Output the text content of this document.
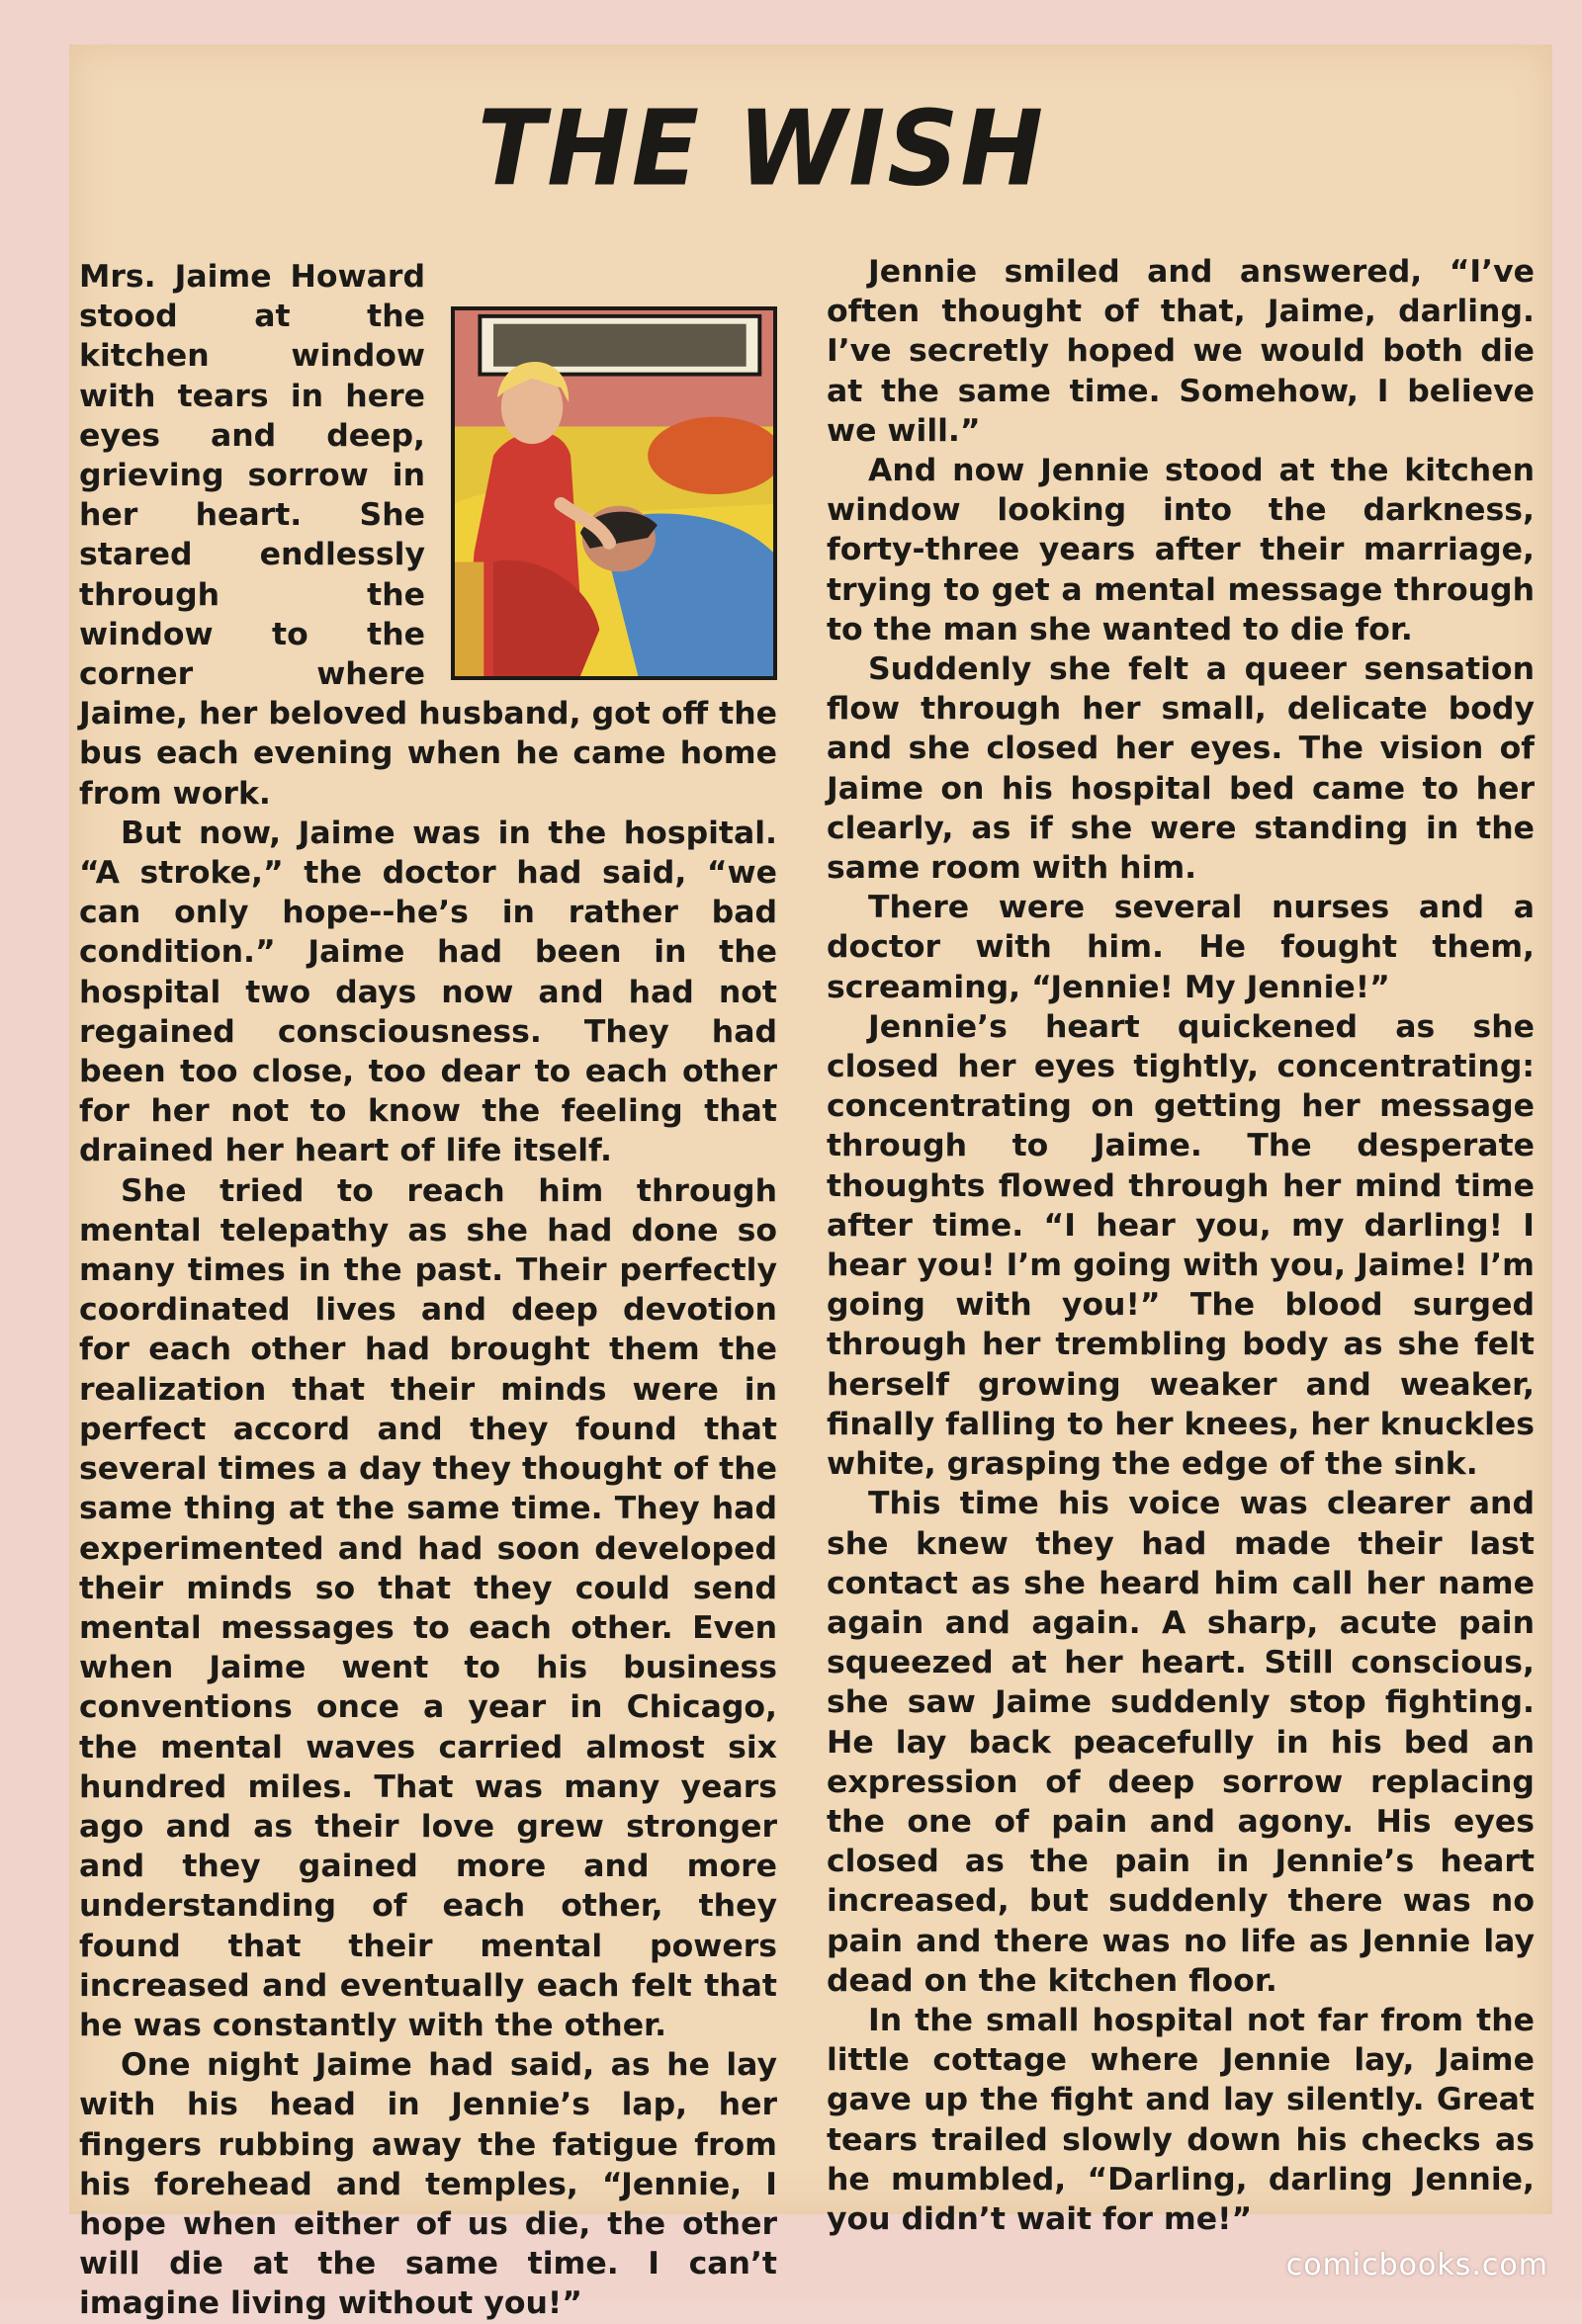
THE WISH

Mrs. Jaime Howard stood at the kitchen window with tears in here eyes and deep, grieving sorrow in her heart. She stared endlessly through the window to the corner where Jaime, her beloved husband, got off the bus each evening when he came home from work.

But now, Jaime was in the hospital. “A stroke,” the doctor had said, “we can only hope--he’s in rather bad condition.” Jaime had been in the hospital two days now and had not regained consciousness. They had been too close, too dear to each other for her not to know the feeling that drained her heart of life itself.

She tried to reach him through mental telepathy as she had done so many times in the past. Their perfectly coordinated lives and deep devotion for each other had brought them the realization that their minds were in perfect accord and they found that several times a day they thought of the same thing at the same time. They had experimented and had soon developed their minds so that they could send mental messages to each other. Even when Jaime went to his business conventions once a year in Chicago, the mental waves carried almost six hundred miles. That was many years ago and as their love grew stronger and they gained more and more understanding of each other, they found that their mental powers increased and eventually each felt that he was constantly with the other.

One night Jaime had said, as he lay with his head in Jennie’s lap, her fingers rubbing away the fatigue from his forehead and temples, “Jennie, I hope when either of us die, the other will die at the same time. I can’t imagine living without you!”

Jennie smiled and answered, “I’ve often thought of that, Jaime, darling. I’ve secretly hoped we would both die at the same time. Somehow, I believe we will.”

And now Jennie stood at the kitchen window looking into the darkness, forty-three years after their marriage, trying to get a mental message through to the man she wanted to die for.

Suddenly she felt a queer sensation flow through her small, delicate body and she closed her eyes. The vision of Jaime on his hospital bed came to her clearly, as if she were standing in the same room with him.

There were several nurses and a doctor with him. He fought them, screaming, “Jennie! My Jennie!”

Jennie’s heart quickened as she closed her eyes tightly, concentrating: concentrating on getting her message through to Jaime. The desperate thoughts flowed through her mind time after time. “I hear you, my darling! I hear you! I’m going with you, Jaime! I’m going with you!” The blood surged through her trembling body as she felt herself growing weaker and weaker, finally falling to her knees, her knuckles white, grasping the edge of the sink.

This time his voice was clearer and she knew they had made their last contact as she heard him call her name again and again. A sharp, acute pain squeezed at her heart. Still conscious, she saw Jaime suddenly stop fighting. He lay back peacefully in his bed an expression of deep sorrow replacing the one of pain and agony. His eyes closed as the pain in Jennie’s heart increased, but suddenly there was no pain and there was no life as Jennie lay dead on the kitchen floor.

In the small hospital not far from the little cottage where Jennie lay, Jaime gave up the fight and lay silently. Great tears trailed slowly down his checks as he mumbled, “Darling, darling Jennie, you didn’t wait for me!”

comicbooks.com
